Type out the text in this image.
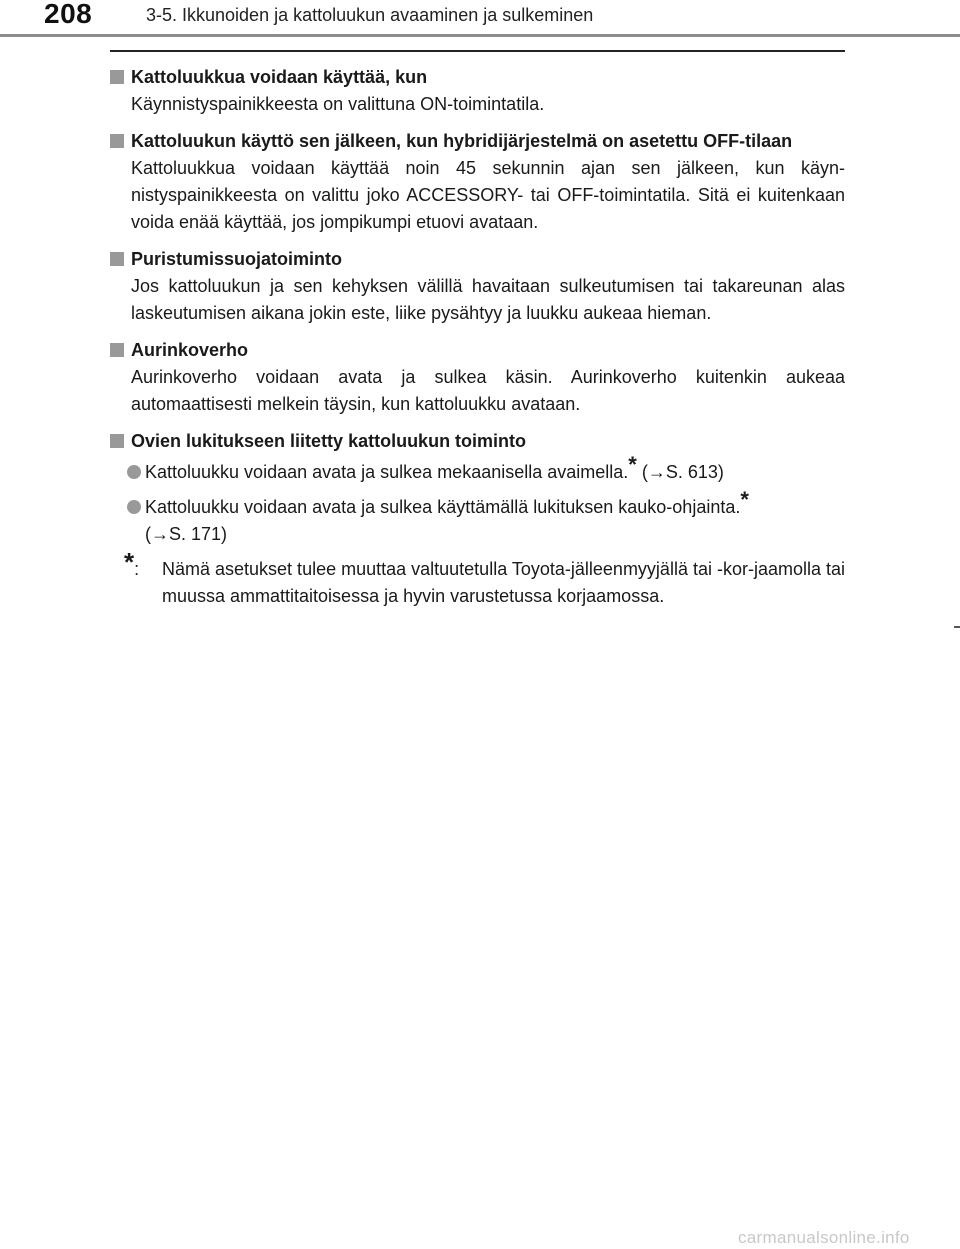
208	3-5. Ikkunoiden ja kattoluukun avaaminen ja sulkeminen
Kattoluukkua voidaan käyttää, kun
Käynnistyspainikkeesta on valittuna ON-toimintatila.
Kattoluukun käyttö sen jälkeen, kun hybridijärjestelmä on asetettu OFF-tilaan
Kattoluukkua voidaan käyttää noin 45 sekunnin ajan sen jälkeen, kun käyn-nistyspainikkeesta on valittu joko ACCESSORY- tai OFF-toimintatila. Sitä ei kuitenkaan voida enää käyttää, jos jompikumpi etuovi avataan.
Puristumissuojatoiminto
Jos kattoluukun ja sen kehyksen välillä havaitaan sulkeutumisen tai takareunan alas laskeutumisen aikana jokin este, liike pysähtyy ja luukku aukeaa hieman.
Aurinkoverho
Aurinkoverho voidaan avata ja sulkea käsin. Aurinkoverho kuitenkin aukeaa automaattisesti melkein täysin, kun kattoluukku avataan.
Ovien lukitukseen liitetty kattoluukun toiminto
Kattoluukku voidaan avata ja sulkea mekaanisella avaimella.* (→S. 613)
Kattoluukku voidaan avata ja sulkea käyttämällä lukituksen kauko-ohjainta.*
(→S. 171)
*:	Nämä asetukset tulee muuttaa valtuutetulla Toyota-jälleenmyyjällä tai -kor-jaamolla tai muussa ammattitaitoisessa ja hyvin varustetussa korjaamossa.
carmanualsonline.info
